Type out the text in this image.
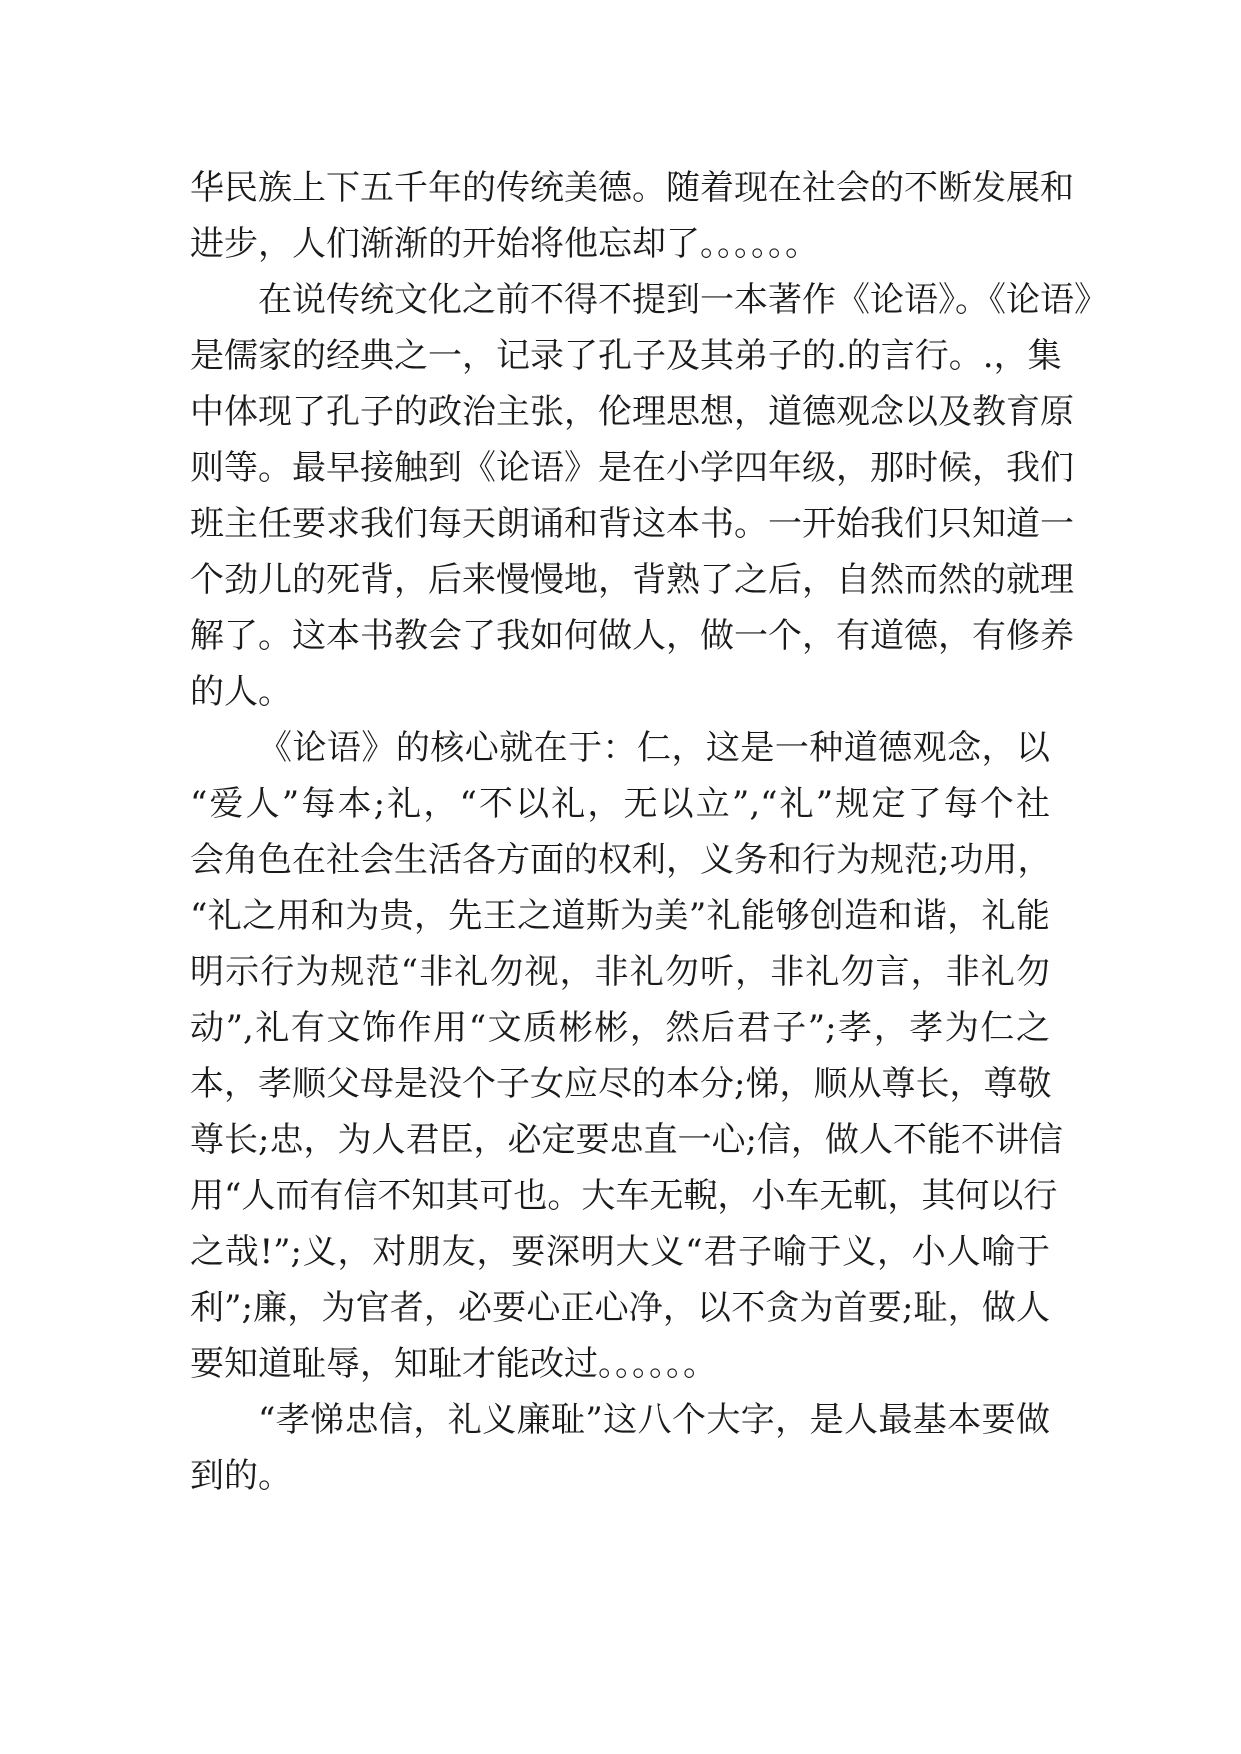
华民族上下五千年的传统美德。随着现在社会的不断发展和
进步，人们渐渐的开始将他忘却了。。。。。。
在说传统文化之前不得不提到一本著作《论语》。《论语》
是儒家的经典之一，记录了孔子及其弟子的.的言行。.，集
中体现了孔子的政治主张，伦理思想，道德观念以及教育原
则等。最早接触到《论语》是在小学四年级，那时候，我们
班主任要求我们每天朗诵和背这本书。一开始我们只知道一
个劲儿的死背，后来慢慢地，背熟了之后，自然而然的就理
解了。这本书教会了我如何做人，做一个，有道德，有修养
的人。
《论语》的核心就在于：仁，这是一种道德观念，以
“爱人”每本;礼，“不以礼，无以立”,“礼”规定了每个社
会角色在社会生活各方面的权利，义务和行为规范;功用，
“礼之用和为贵，先王之道斯为美”礼能够创造和谐，礼能
明示行为规范“非礼勿视，非礼勿听，非礼勿言，非礼勿
动”,礼有文饰作用“文质彬彬，然后君子”;孝，孝为仁之
本，孝顺父母是没个子女应尽的本分;悌，顺从尊长，尊敬
尊长;忠，为人君臣，必定要忠直一心;信，做人不能不讲信
用“人而有信不知其可也。大车无輗，小车无軏，其何以行
之哉!”;义，对朋友，要深明大义“君子喻于义，小人喻于
利”;廉，为官者，必要心正心净，以不贪为首要;耻，做人
要知道耻辱，知耻才能改过。。。。。。
“孝悌忠信，礼义廉耻”这八个大字，是人最基本要做
到的。
